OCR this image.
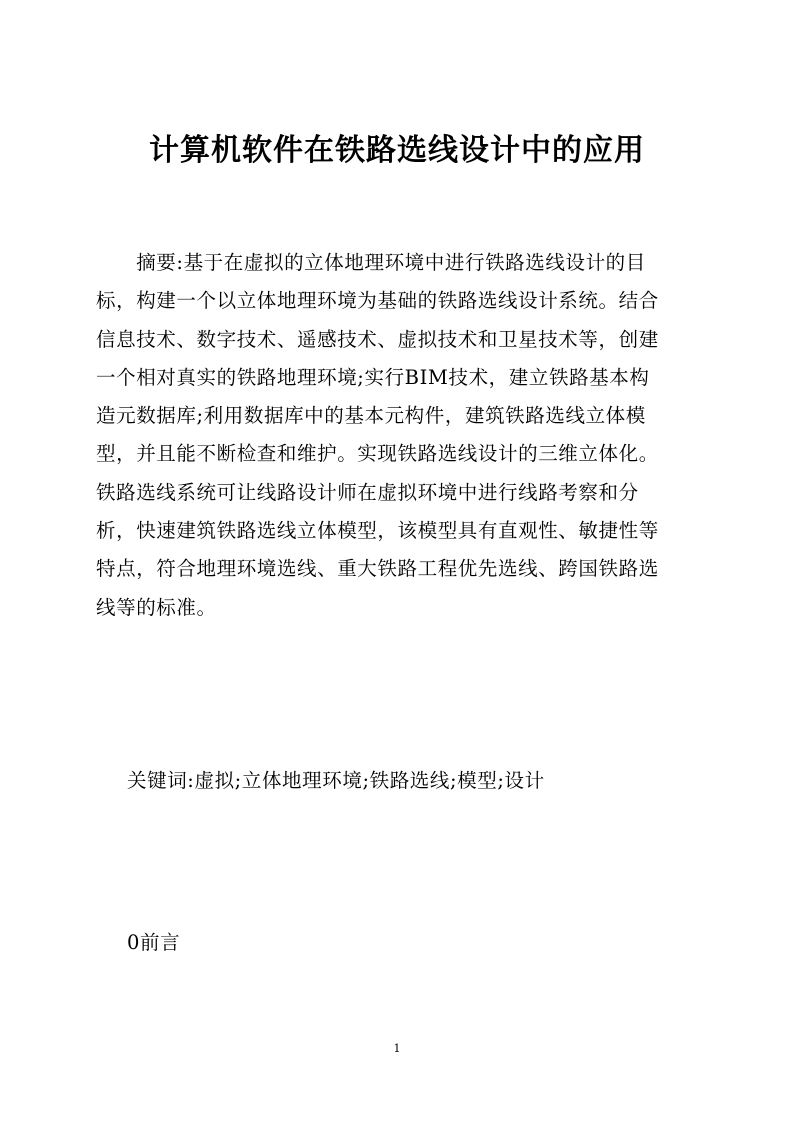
计算机软件在铁路选线设计中的应用
　　摘要:基于在虚拟的立体地理环境中进行铁路选线设计的目
标，构建一个以立体地理环境为基础的铁路选线设计系统。结合
信息技术、数字技术、遥感技术、虚拟技术和卫星技术等，创建
一个相对真实的铁路地理环境;实行BIM技术，建立铁路基本构
造元数据库;利用数据库中的基本元构件，建筑铁路选线立体模
型，并且能不断检查和维护。实现铁路选线设计的三维立体化。
铁路选线系统可让线路设计师在虚拟环境中进行线路考察和分
析，快速建筑铁路选线立体模型，该模型具有直观性、敏捷性等
特点，符合地理环境选线、重大铁路工程优先选线、跨国铁路选
线等的标准。
关键词:虚拟;立体地理环境;铁路选线;模型;设计
0前言
1
